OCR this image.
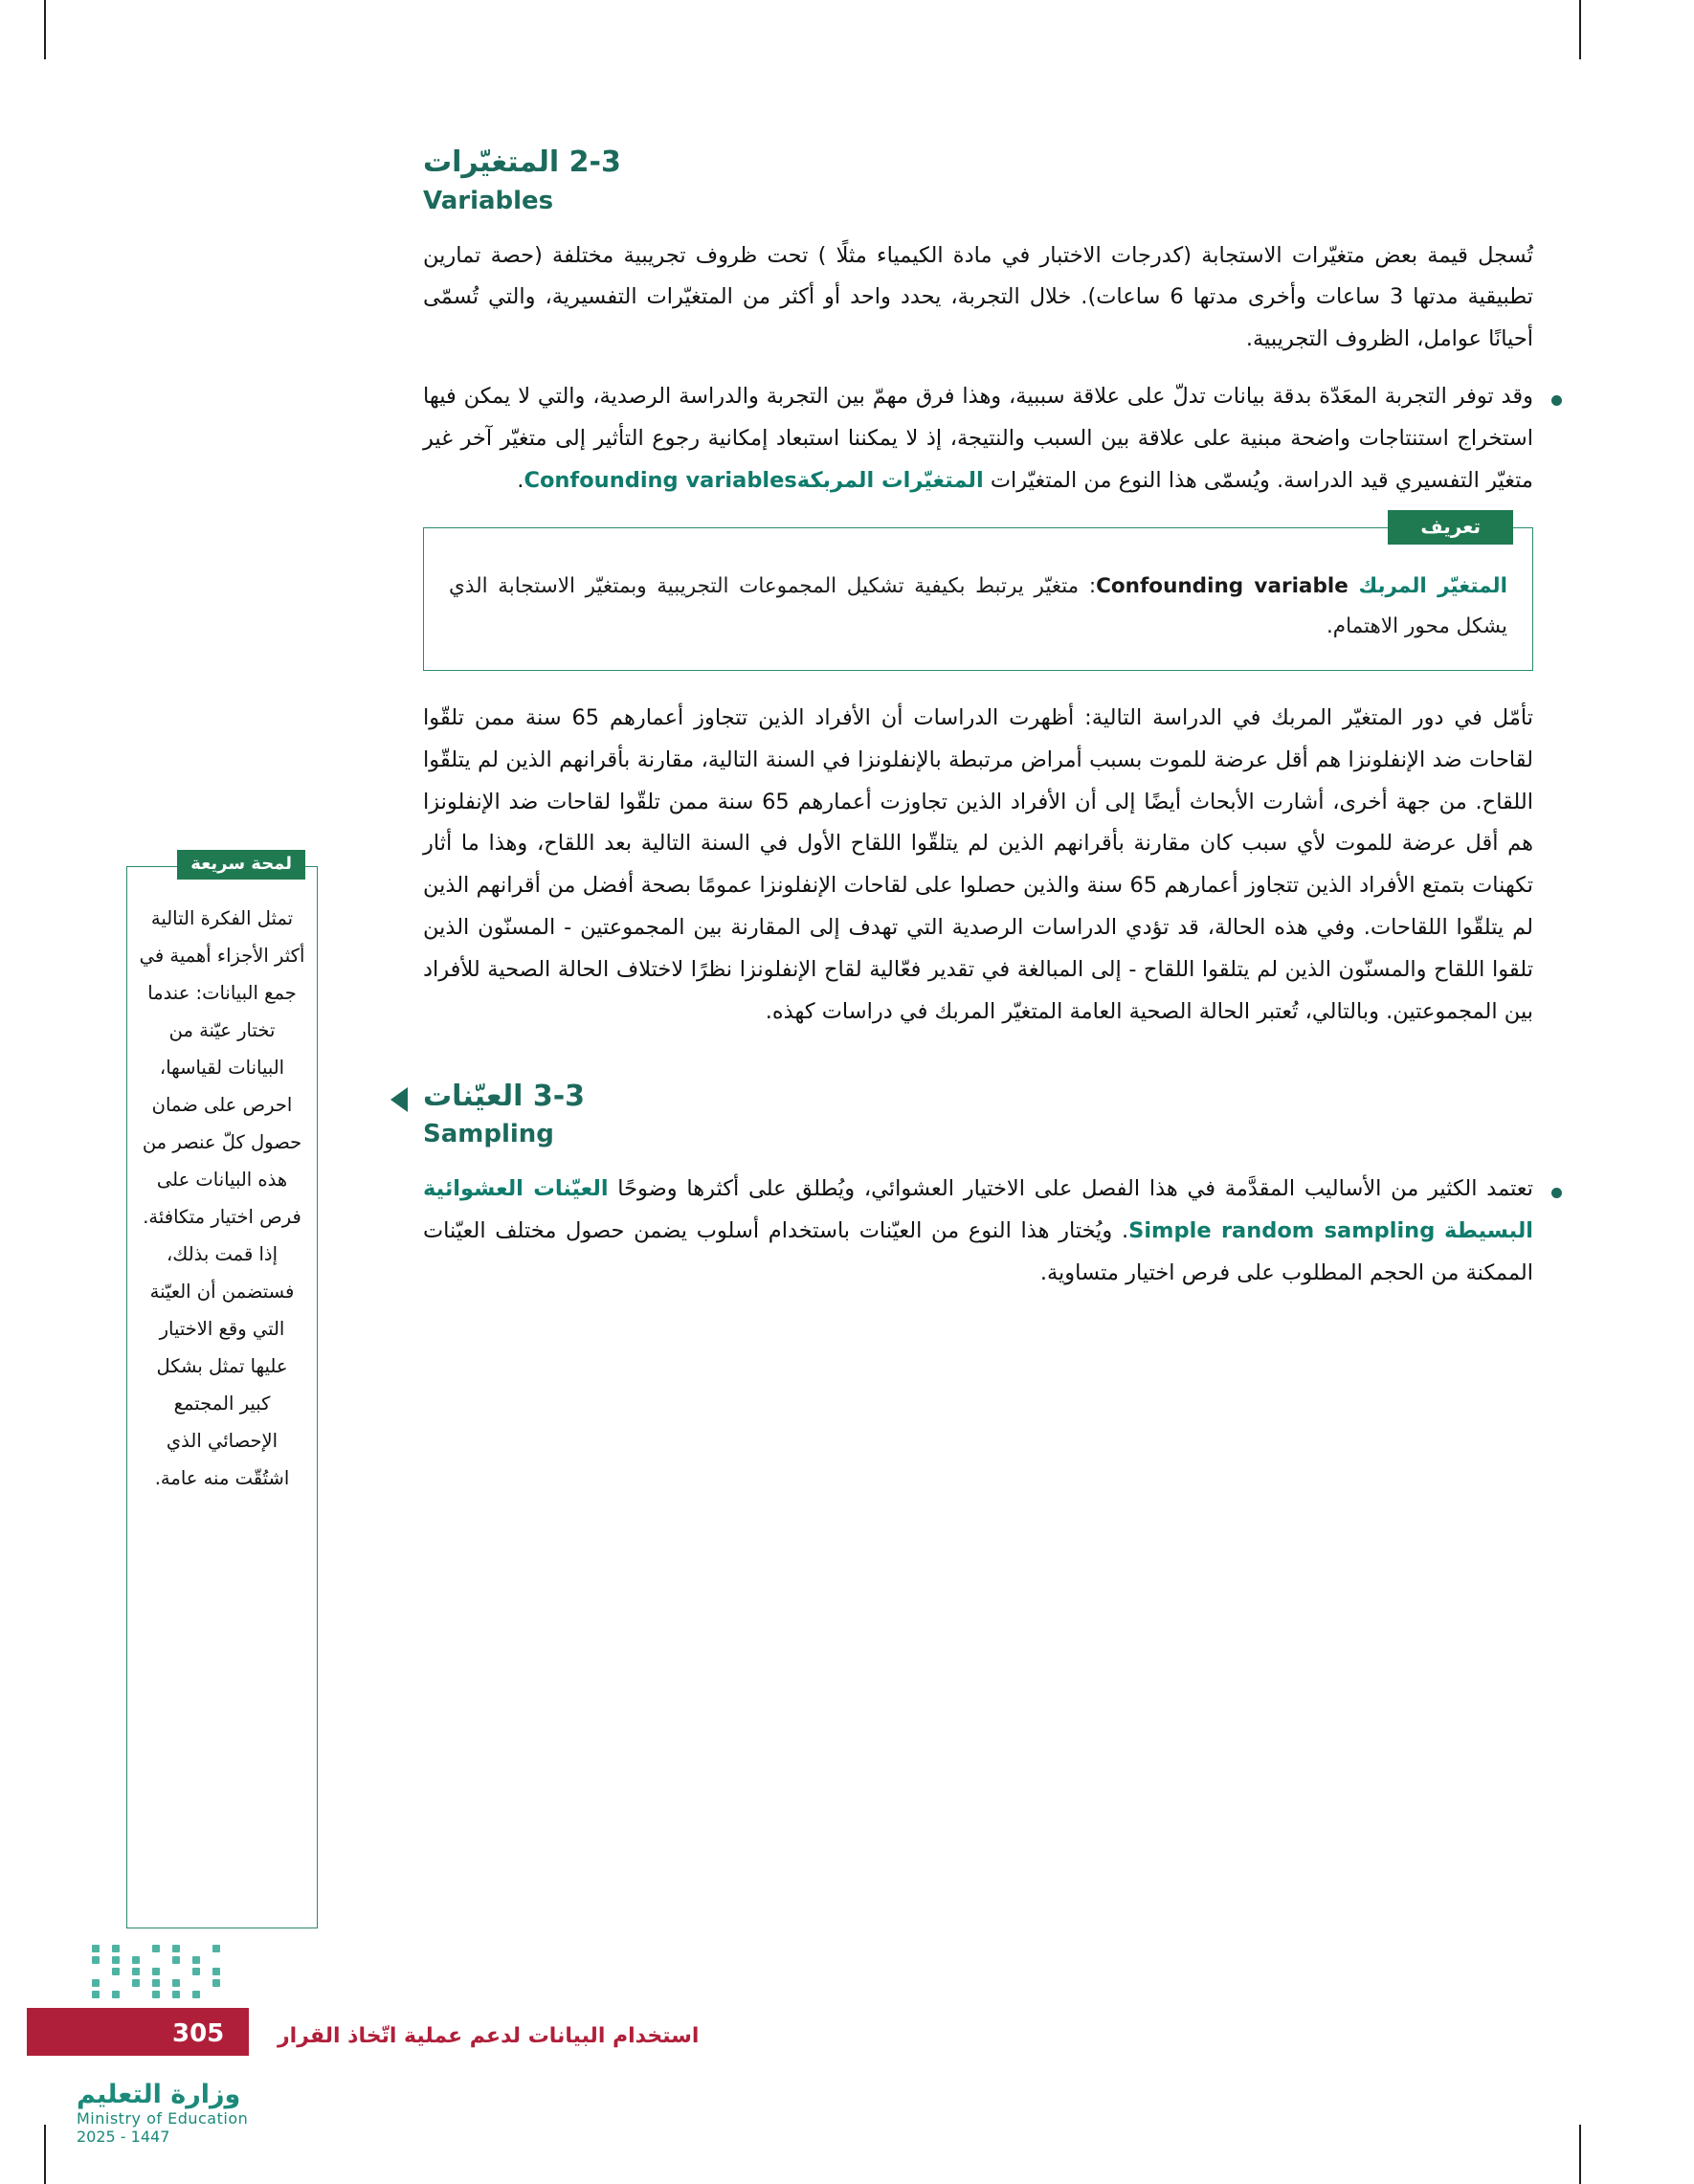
2-3 المتغيّرات
Variables

تُسجل قيمة بعض متغيّرات الاستجابة (كدرجات الاختبار في مادة الكيمياء مثلًا ) تحت ظروف تجريبية مختلفة (حصة تمارين تطبيقية مدتها 3 ساعات وأخرى مدتها 6 ساعات). خلال التجربة، يحدد واحد أو أكثر من المتغيّرات التفسيرية، والتي تُسمّى أحيانًا عوامل، الظروف التجريبية.

وقد توفر التجربة المعَدّة بدقة بيانات تدلّ على علاقة سببية، وهذا فرق مهمّ بين التجربة والدراسة الرصدية، والتي لا يمكن فيها استخراج استنتاجات واضحة مبنية على علاقة بين السبب والنتيجة، إذ لا يمكننا استبعاد إمكانية رجوع التأثير إلى متغيّر آخر غير متغيّر التفسيري قيد الدراسة. ويُسمّى هذا النوع من المتغيّرات المتغيّرات المربكةConfounding variables.

تعريف

المتغيّر المربك Confounding variable: متغيّر يرتبط بكيفية تشكيل المجموعات التجريبية وبمتغيّر الاستجابة الذي يشكل محور الاهتمام.

تأمّل في دور المتغيّر المربك في الدراسة التالية: أظهرت الدراسات أن الأفراد الذين تتجاوز أعمارهم 65 سنة ممن تلقّوا لقاحات ضد الإنفلونزا هم أقل عرضة للموت بسبب أمراض مرتبطة بالإنفلونزا في السنة التالية، مقارنة بأقرانهم الذين لم يتلقّوا اللقاح. من جهة أخرى، أشارت الأبحاث أيضًا إلى أن الأفراد الذين تجاوزت أعمارهم 65 سنة ممن تلقّوا لقاحات ضد الإنفلونزا هم أقل عرضة للموت لأي سبب كان مقارنة بأقرانهم الذين لم يتلقّوا اللقاح الأول في السنة التالية بعد اللقاح، وهذا ما أثار تكهنات بتمتع الأفراد الذين تتجاوز أعمارهم 65 سنة والذين حصلوا على لقاحات الإنفلونزا عمومًا بصحة أفضل من أقرانهم الذين لم يتلقّوا اللقاحات. وفي هذه الحالة، قد تؤدي الدراسات الرصدية التي تهدف إلى المقارنة بين المجموعتين - المسنّون الذين تلقوا اللقاح والمسنّون الذين لم يتلقوا اللقاح - إلى المبالغة في تقدير فعّالية لقاح الإنفلونزا نظرًا لاختلاف الحالة الصحية للأفراد بين المجموعتين. وبالتالي، تُعتبر الحالة الصحية العامة المتغيّر المربك في دراسات كهذه.

3-3 العيّنات
Sampling

تعتمد الكثير من الأساليب المقدَّمة في هذا الفصل على الاختيار العشوائي، ويُطلق على أكثرها وضوحًا العيّنات العشوائية البسيطة Simple random sampling. ويُختار هذا النوع من العيّنات باستخدام أسلوب يضمن حصول مختلف العيّنات الممكنة من الحجم المطلوب على فرص اختيار متساوية.

لمحة سريعة

تمثل الفكرة التالية أكثر الأجزاء أهمية في جمع البيانات: عندما تختار عيّنة من البيانات لقياسها، احرص على ضمان حصول كلّ عنصر من هذه البيانات على فرص اختيار متكافئة. إذا قمت بذلك، فستضمن أن العيّنة التي وقع الاختيار عليها تمثل بشكل كبير المجتمع الإحصائي الذي اشتُقّت منه عامة.

305	استخدام البيانات لدعم عملية اتّخاذ القرار
وزارة التعليم
Ministry of Education
2025 - 1447
